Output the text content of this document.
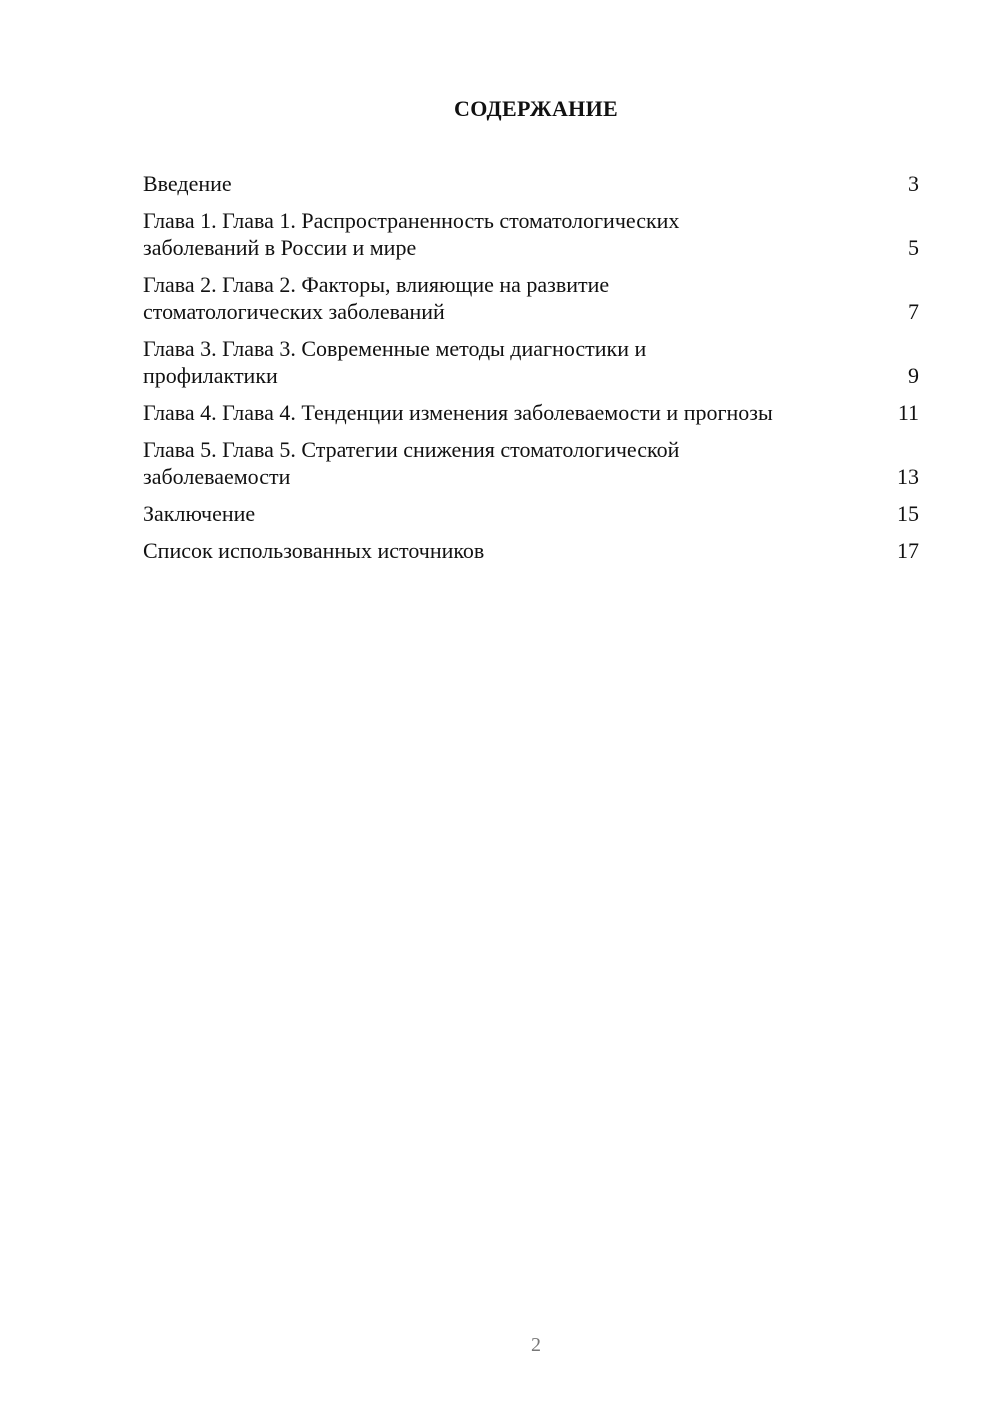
СОДЕРЖАНИЕ
Введение	3
Глава 1. Глава 1. Распространенность стоматологических заболеваний в России и мире	5
Глава 2. Глава 2. Факторы, влияющие на развитие стоматологических заболеваний	7
Глава 3. Глава 3. Современные методы диагностики и профилактики	9
Глава 4. Глава 4. Тенденции изменения заболеваемости и прогнозы	11
Глава 5. Глава 5. Стратегии снижения стоматологической заболеваемости	13
Заключение	15
Список использованных источников	17
2
